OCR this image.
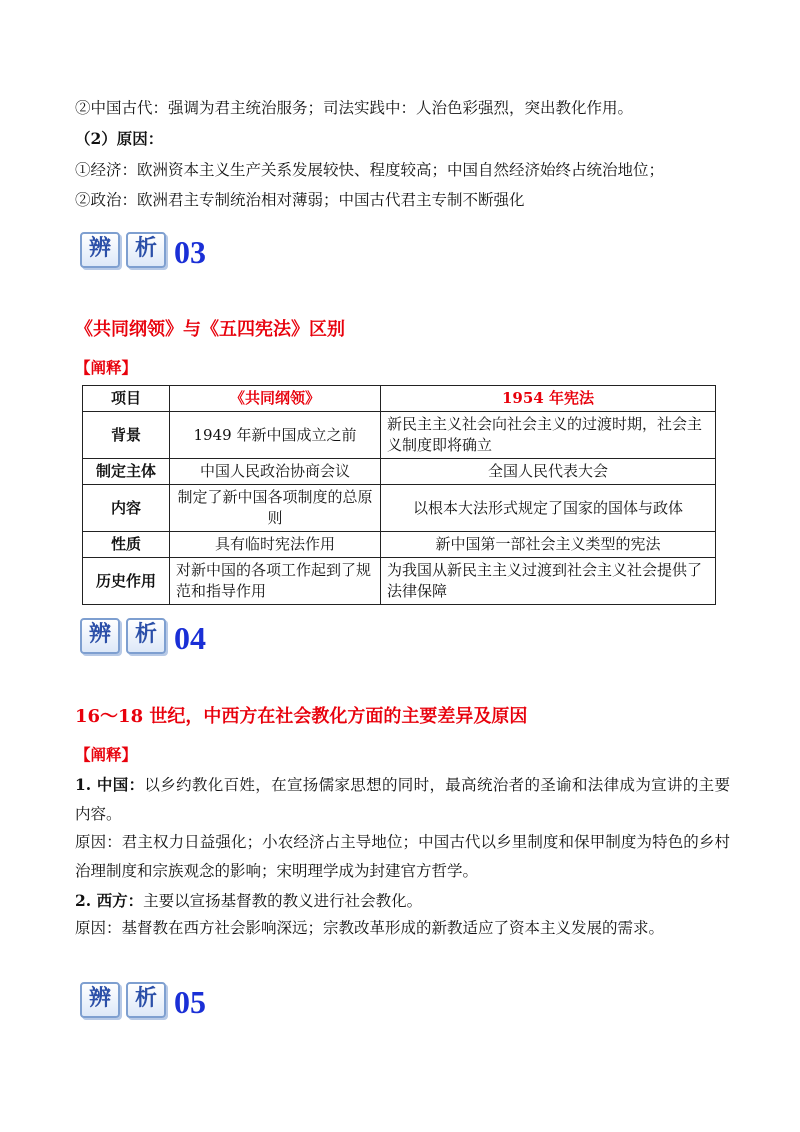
②中国古代：强调为君主统治服务；司法实践中：人治色彩强烈，突出教化作用。
（2）原因：
①经济：欧洲资本主义生产关系发展较快、程度较高；中国自然经济始终占统治地位；
②政治：欧洲君主专制统治相对薄弱；中国古代君主专制不断强化
辨	析 03
《共同纲领》与《五四宪法》区别
【阐释】
项目	《共同纲领》	1954 年宪法
背景	1949 年新中国成立之前	新民主主义社会向社会主义的过渡时期，社会主义制度即将确立
制定主体	中国人民政治协商会议	全国人民代表大会
内容	制定了新中国各项制度的总原则	以根本大法形式规定了国家的国体与政体
性质	具有临时宪法作用	新中国第一部社会主义类型的宪法
历史作用	对新中国的各项工作起到了规范和指导作用	为我国从新民主主义过渡到社会主义社会提供了法律保障
辨	析 04
16～18 世纪，中西方在社会教化方面的主要差异及原因
【阐释】
1. 中国：以乡约教化百姓，在宣扬儒家思想的同时，最高统治者的圣谕和法律成为宣讲的主要内容。
原因：君主权力日益强化；小农经济占主导地位；中国古代以乡里制度和保甲制度为特色的乡村治理制度和宗族观念的影响；宋明理学成为封建官方哲学。
2. 西方：主要以宣扬基督教的教义进行社会教化。
原因：基督教在西方社会影响深远；宗教改革形成的新教适应了资本主义发展的需求。
辨	析 05
